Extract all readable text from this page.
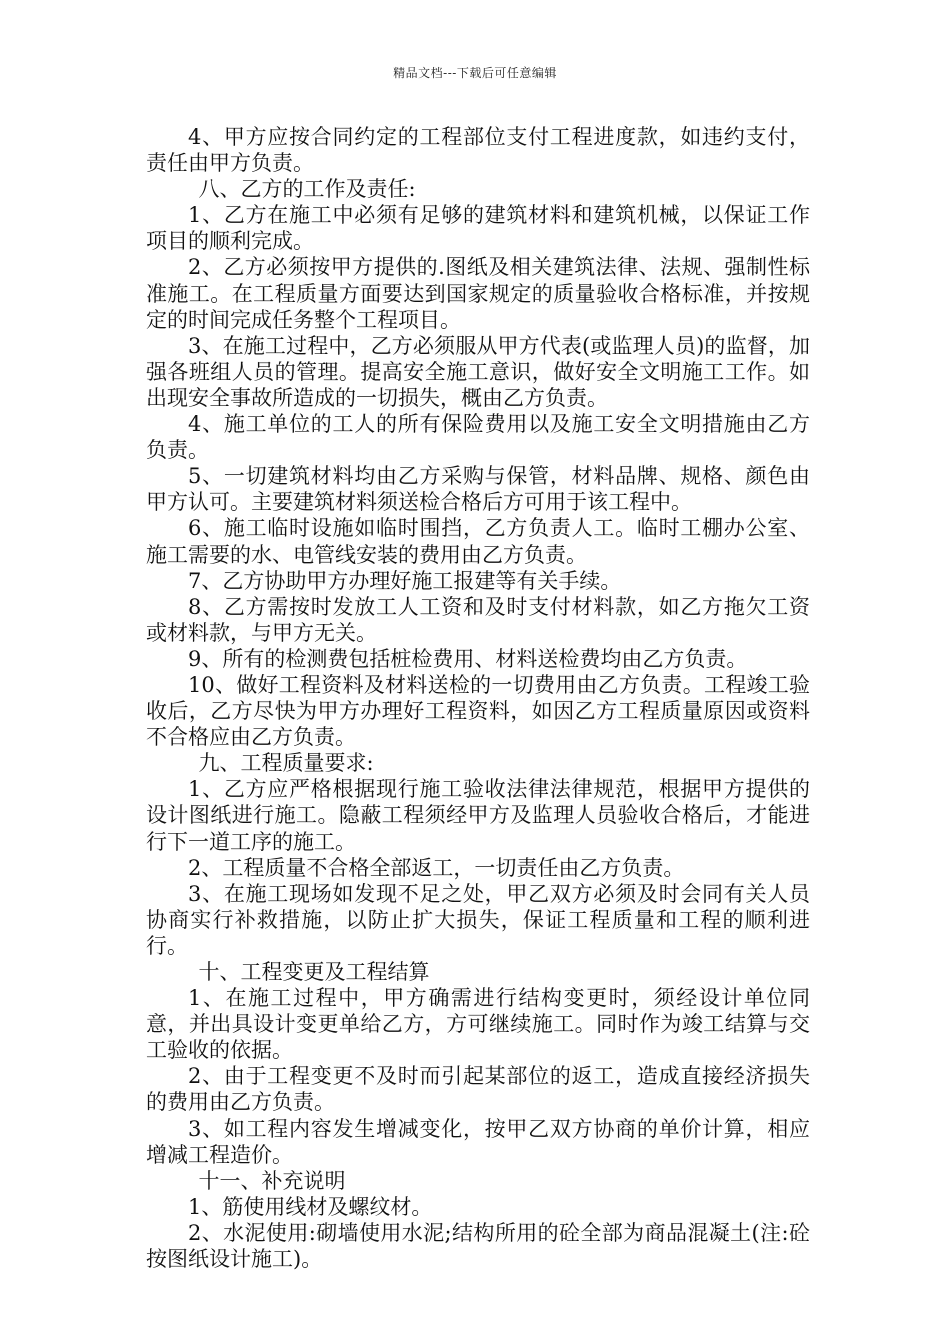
精品文档---下载后可任意编辑

4、甲方应按合同约定的工程部位支付工程进度款，如违约支付，责任由甲方负责。

八、乙方的工作及责任:

1、乙方在施工中必须有足够的建筑材料和建筑机械，以保证工作项目的顺利完成。

2、乙方必须按甲方提供的.图纸及相关建筑法律、法规、强制性标准施工。在工程质量方面要达到国家规定的质量验收合格标准，并按规定的时间完成任务整个工程项目。

3、在施工过程中，乙方必须服从甲方代表(或监理人员)的监督，加强各班组人员的管理。提高安全施工意识，做好安全文明施工工作。如出现安全事故所造成的一切损失，概由乙方负责。

4、施工单位的工人的所有保险费用以及施工安全文明措施由乙方负责。

5、一切建筑材料均由乙方采购与保管，材料品牌、规格、颜色由甲方认可。主要建筑材料须送检合格后方可用于该工程中。

6、施工临时设施如临时围挡，乙方负责人工。临时工棚办公室、施工需要的水、电管线安装的费用由乙方负责。

7、乙方协助甲方办理好施工报建等有关手续。

8、乙方需按时发放工人工资和及时支付材料款，如乙方拖欠工资或材料款，与甲方无关。

9、所有的检测费包括桩检费用、材料送检费均由乙方负责。

10、做好工程资料及材料送检的一切费用由乙方负责。工程竣工验收后，乙方尽快为甲方办理好工程资料，如因乙方工程质量原因或资料不合格应由乙方负责。

九、工程质量要求:

1、乙方应严格根据现行施工验收法律法律规范，根据甲方提供的设计图纸进行施工。隐蔽工程须经甲方及监理人员验收合格后，才能进行下一道工序的施工。

2、工程质量不合格全部返工，一切责任由乙方负责。

3、在施工现场如发现不足之处，甲乙双方必须及时会同有关人员协商实行补救措施，以防止扩大损失，保证工程质量和工程的顺利进行。

十、工程变更及工程结算

1、在施工过程中，甲方确需进行结构变更时，须经设计单位同意，并出具设计变更单给乙方，方可继续施工。同时作为竣工结算与交工验收的依据。

2、由于工程变更不及时而引起某部位的返工，造成直接经济损失的费用由乙方负责。

3、如工程内容发生增减变化，按甲乙双方协商的单价计算，相应增减工程造价。

十一、补充说明

1、筋使用线材及螺纹材。

2、水泥使用:砌墙使用水泥;结构所用的砼全部为商品混凝土(注:砼按图纸设计施工)。
